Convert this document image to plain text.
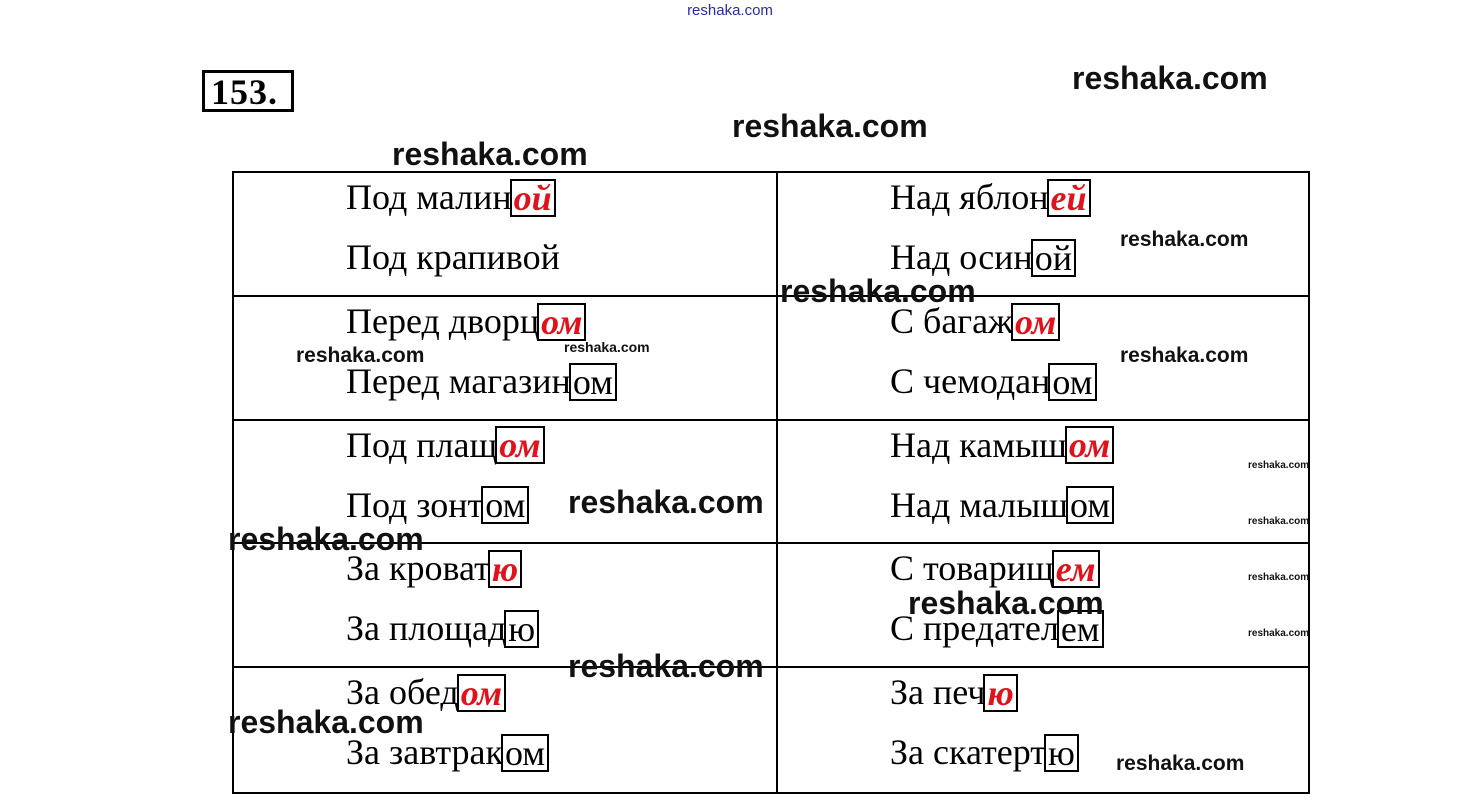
reshaka.com
153.
Под малиной
Под крапивой
Над яблоней
Над осиной
Перед дворцом
Перед магазином
С багажом
С чемоданом
Под плащом
Под зонтом
Над камышом
Над малышом
За кроватю
За площадю
С товарищем
С предателем
За обедом
За завтраком
За печю
За скатертю
reshaka.com
reshaka.com
reshaka.com
reshaka.com
reshaka.com
reshaka.com	reshaka.com	reshaka.com
reshaka.com
reshaka.com
reshaka.com
reshaka.com
reshaka.com
reshaka.com
reshaka.com
reshaka.com
reshaka.com
reshaka.com
